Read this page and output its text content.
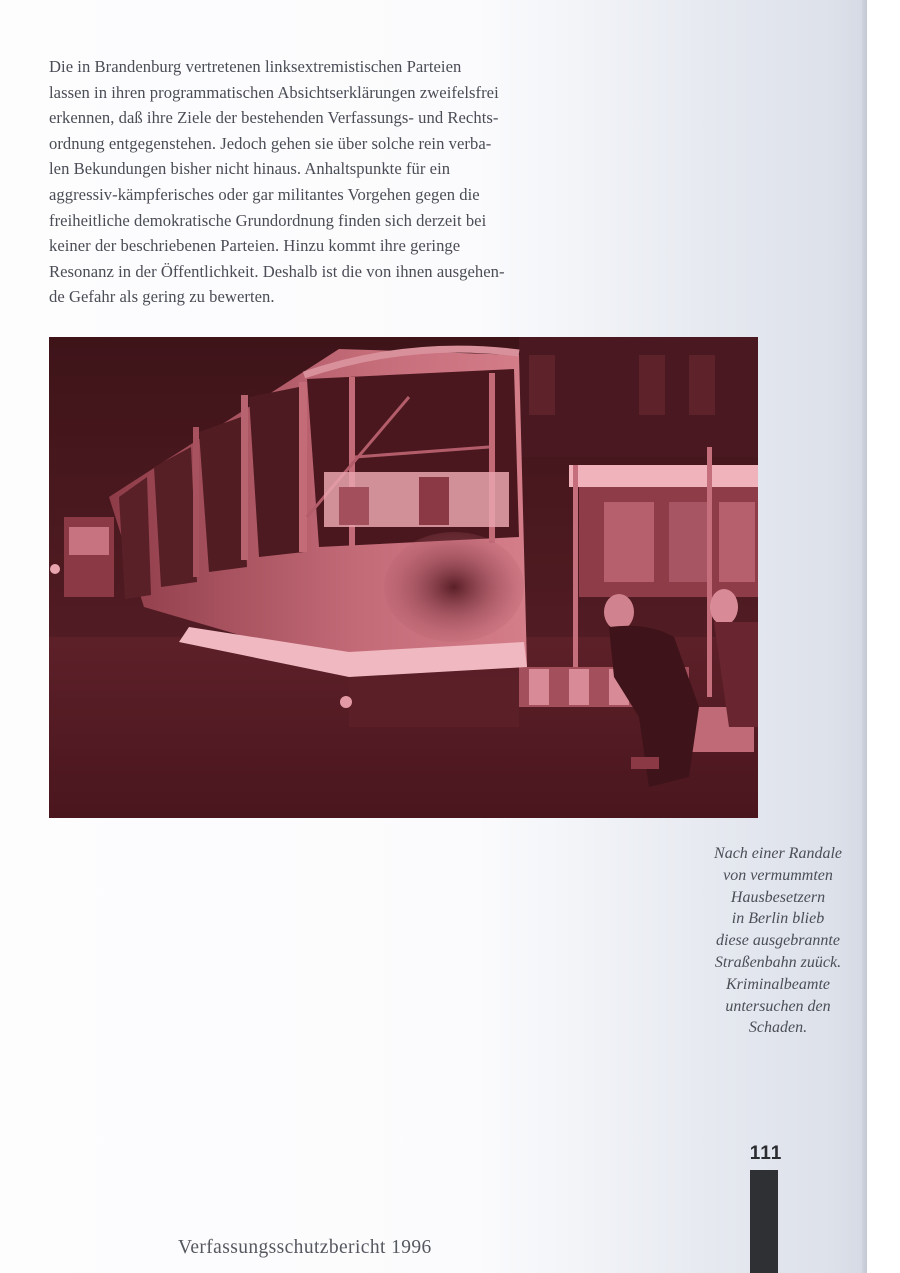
Die in Brandenburg vertretenen linksextremistischen Parteien
lassen in ihren programmatischen Absichtserklärungen zweifelsfrei
erkennen, daß ihre Ziele der bestehenden Verfassungs- und Rechts-
ordnung entgegenstehen. Jedoch gehen sie über solche rein verba-
len Bekundungen bisher nicht hinaus. Anhaltspunkte für ein
aggressiv-kämpferisches oder gar militantes Vorgehen gegen die
freiheitliche demokratische Grundordnung finden sich derzeit bei
keiner der beschriebenen Parteien. Hinzu kommt ihre geringe
Resonanz in der Öffentlichkeit. Deshalb ist die von ihnen ausgehen-
de Gefahr als gering zu bewerten.
Nach einer Randale
von vermummten
Hausbesetzern
in Berlin blieb
diese ausgebrannte
Straßenbahn zuück.
Kriminalbeamte
untersuchen den
Schaden.
111
Verfassungsschutzbericht 1996
